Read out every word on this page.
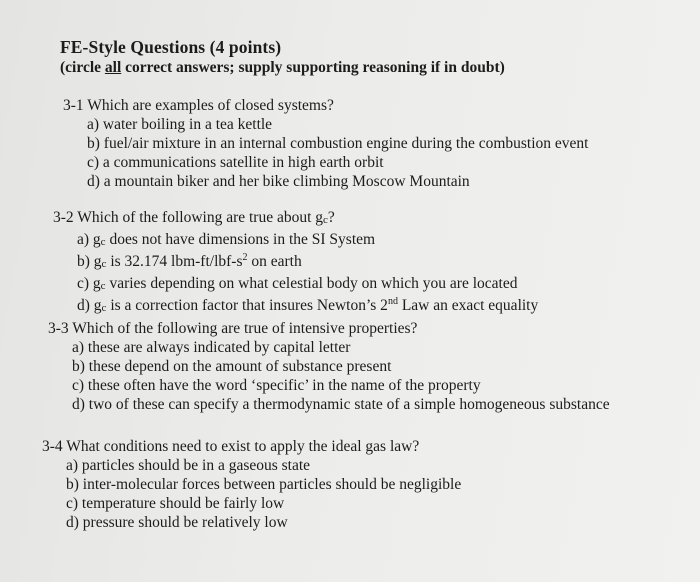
FE-Style Questions (4 points)
(circle all correct answers; supply supporting reasoning if in doubt)
3-1 Which are examples of closed systems?
a) water boiling in a tea kettle
b) fuel/air mixture in an internal combustion engine during the combustion event
c) a communications satellite in high earth orbit
d) a mountain biker and her bike climbing Moscow Mountain
3-2 Which of the following are true about gc?
a) gc does not have dimensions in the SI System
b) gc is 32.174 lbm-$ft/lbf-s^2$ on earth
c) gc varies depending on what celestial body on which you are located
d) gc is a correction factor that insures Newton’s 2nd Law an exact equality
3-3 Which of the following are true of intensive properties?
a) these are always indicated by capital letter
b) these depend on the amount of substance present
c) these often have the word ‘specific’ in the name of the property
d) two of these can specify a thermodynamic state of a simple homogeneous substance
3-4 What conditions need to exist to apply the ideal gas law?
a) particles should be in a gaseous state
b) inter-molecular forces between particles should be negligible
c) temperature should be fairly low
d) pressure should be relatively low
